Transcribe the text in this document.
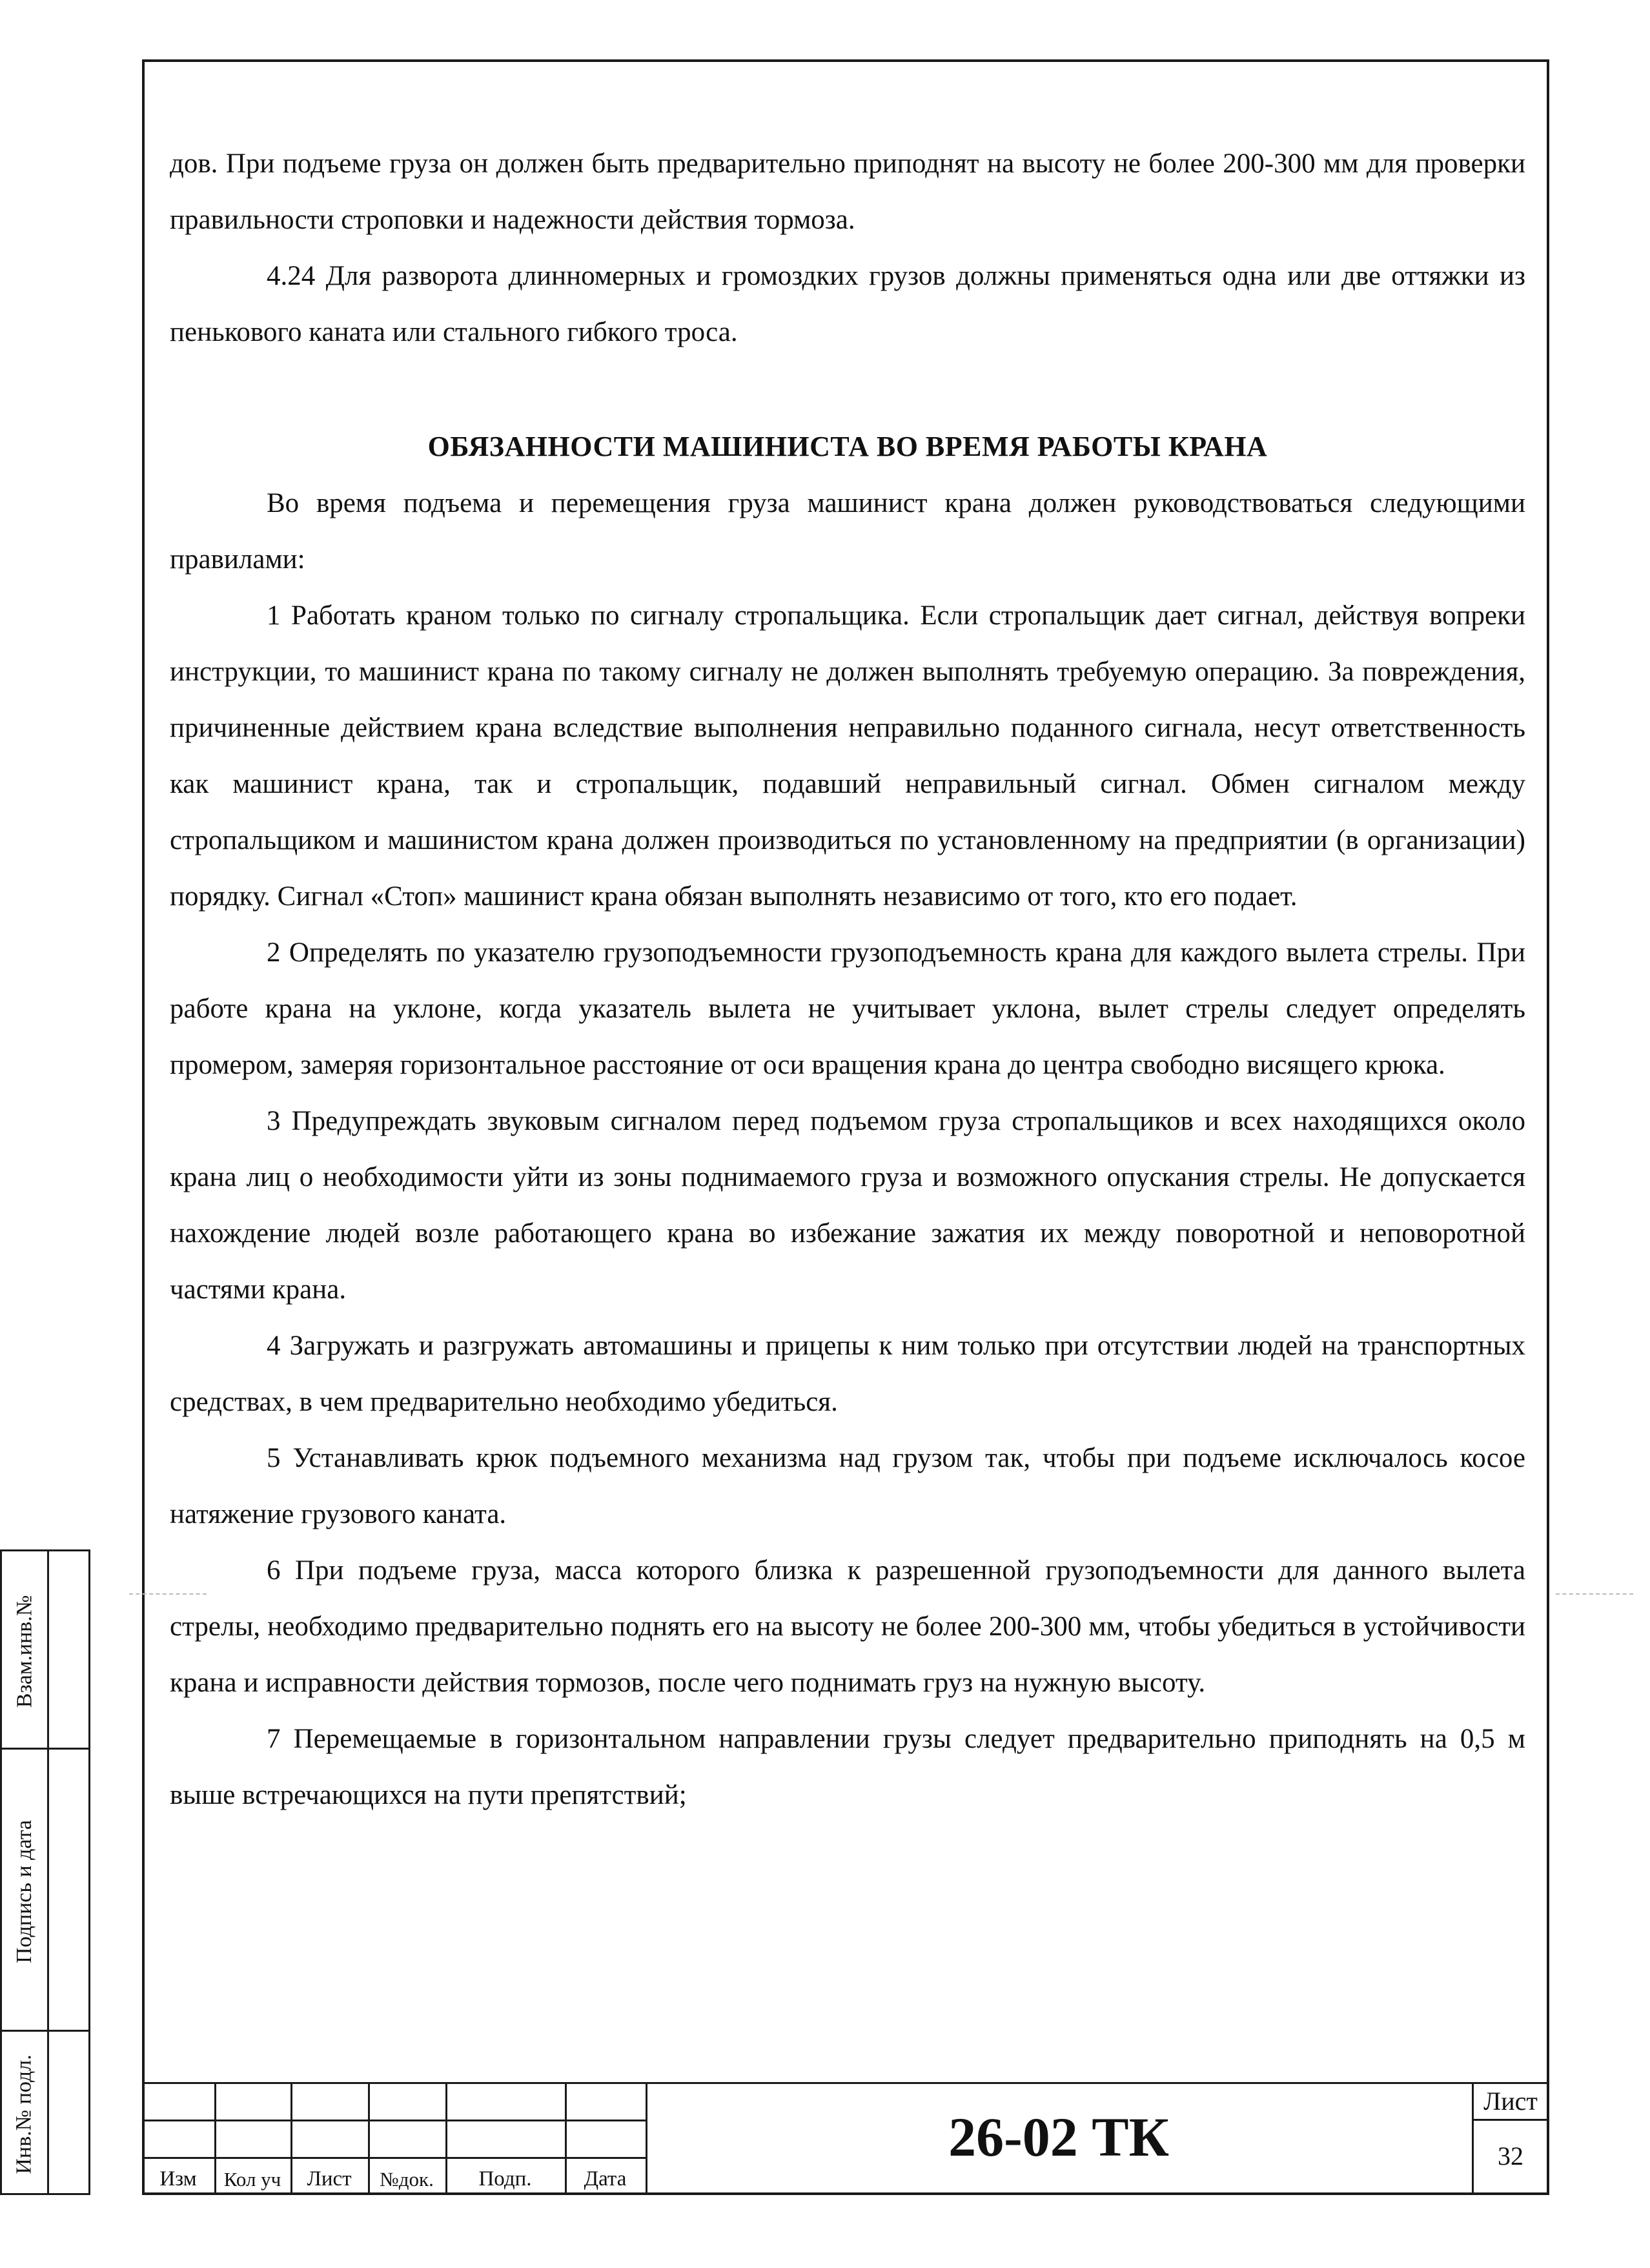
дов. При подъеме груза он должен быть предварительно приподнят на высоту не более 200-300 мм для проверки правильности строповки и надежности действия тормоза.

4.24 Для разворота длинномерных и громоздких грузов должны применяться одна или две оттяжки из пенькового каната или стального гибкого троса.

ОБЯЗАННОСТИ МАШИНИСТА ВО ВРЕМЯ РАБОТЫ КРАНА

Во время подъема и перемещения груза машинист крана должен руководствоваться следующими правилами:

1 Работать краном только по сигналу стропальщика. Если стропальщик дает сигнал, действуя вопреки инструкции, то машинист крана по такому сигналу не должен выполнять требуемую операцию. За повреждения, причиненные действием крана вследствие выполнения неправильно поданного сигнала, несут ответственность как машинист крана, так и стропальщик, подавший неправильный сигнал. Обмен сигналом между стропальщиком и машинистом крана должен производиться по установленному на предприятии (в организации) порядку. Сигнал «Стоп» машинист крана обязан выполнять независимо от того, кто его подает.

2 Определять по указателю грузоподъемности грузоподъемность крана для каждого вылета стрелы. При работе крана на уклоне, когда указатель вылета не учитывает уклона, вылет стрелы следует определять промером, замеряя горизонтальное расстояние от оси вращения крана до центра свободно висящего крюка.

3 Предупреждать звуковым сигналом перед подъемом груза стропальщиков и всех находящихся около крана лиц о необходимости уйти из зоны поднимаемого груза и возможного опускания стрелы. Не допускается нахождение людей возле работающего крана во избежание зажатия их между поворотной и неповоротной частями крана.

4 Загружать и разгружать автомашины и прицепы к ним только при отсутствии людей на транспортных средствах, в чем предварительно необходимо убедиться.

5 Устанавливать крюк подъемного механизма над грузом так, чтобы при подъеме исключалось косое натяжение грузового каната.

6 При подъеме груза, масса которого близка к разрешенной грузоподъемности для данного вылета стрелы, необходимо предварительно поднять его на высоту не более 200-300 мм, чтобы убедиться в устойчивости крана и исправности действия тормозов, после чего поднимать груз на нужную высоту.

7 Перемещаемые в горизонтальном направлении грузы следует предварительно приподнять на 0,5 м выше встречающихся на пути препятствий;

Взам.инв.№
Подпись и дата
Инв.№ подл.
Изм	Кол уч	Лист	№док.	Подп.	Дата
26-02 ТК
Лист
32
